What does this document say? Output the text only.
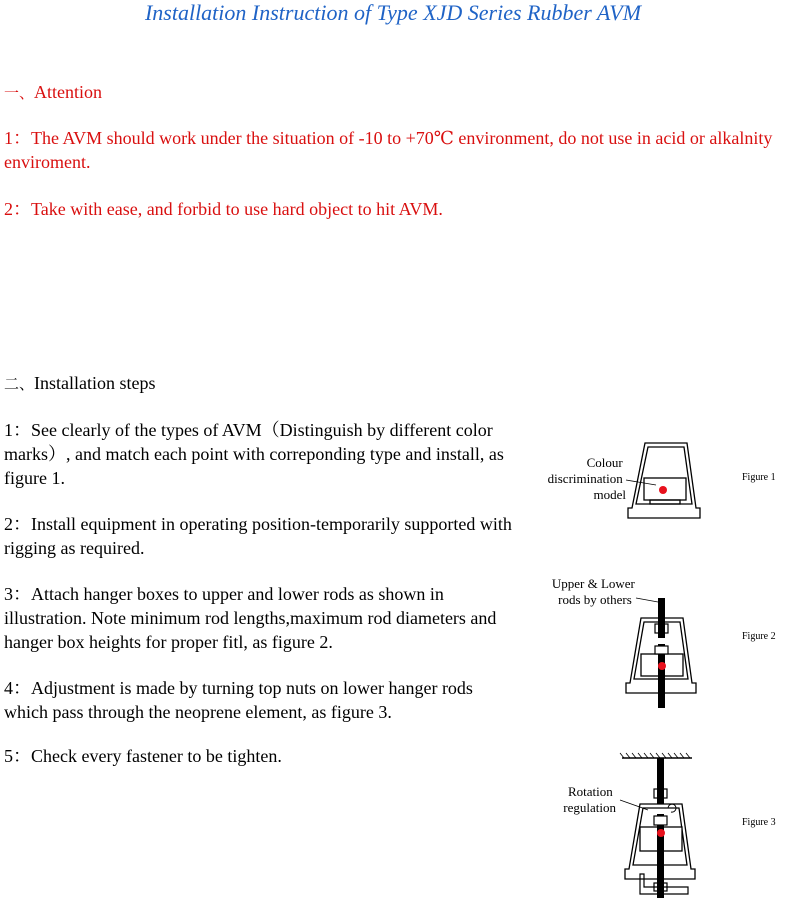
Installation Instruction of Type XJD Series Rubber AVM
一、Attention
1：The AVM should work under the situation of -10 to +70℃ environment, do not use in acid or alkalnity enviroment.
2：Take with ease, and forbid to use hard object to hit AVM.
二、Installation steps
1：See clearly of the types of AVM（Distinguish by different color marks）, and match each point with correponding type and install, as figure 1.
2：Install equipment in operating position-temporarily supported with rigging as required.
3：Attach hanger boxes to upper and lower rods as shown in illustration. Note minimum rod lengths,maximum rod diameters and hanger box heights for proper fitl, as figure 2.
4：Adjustment is made by turning top nuts on lower hanger rods which pass through the neoprene element, as figure 3.
5：Check every fastener to be tighten.
Colour discrimination model
Figure 1
Upper & Lower rods by others
Figure 2
Rotation regulation
Figure 3
